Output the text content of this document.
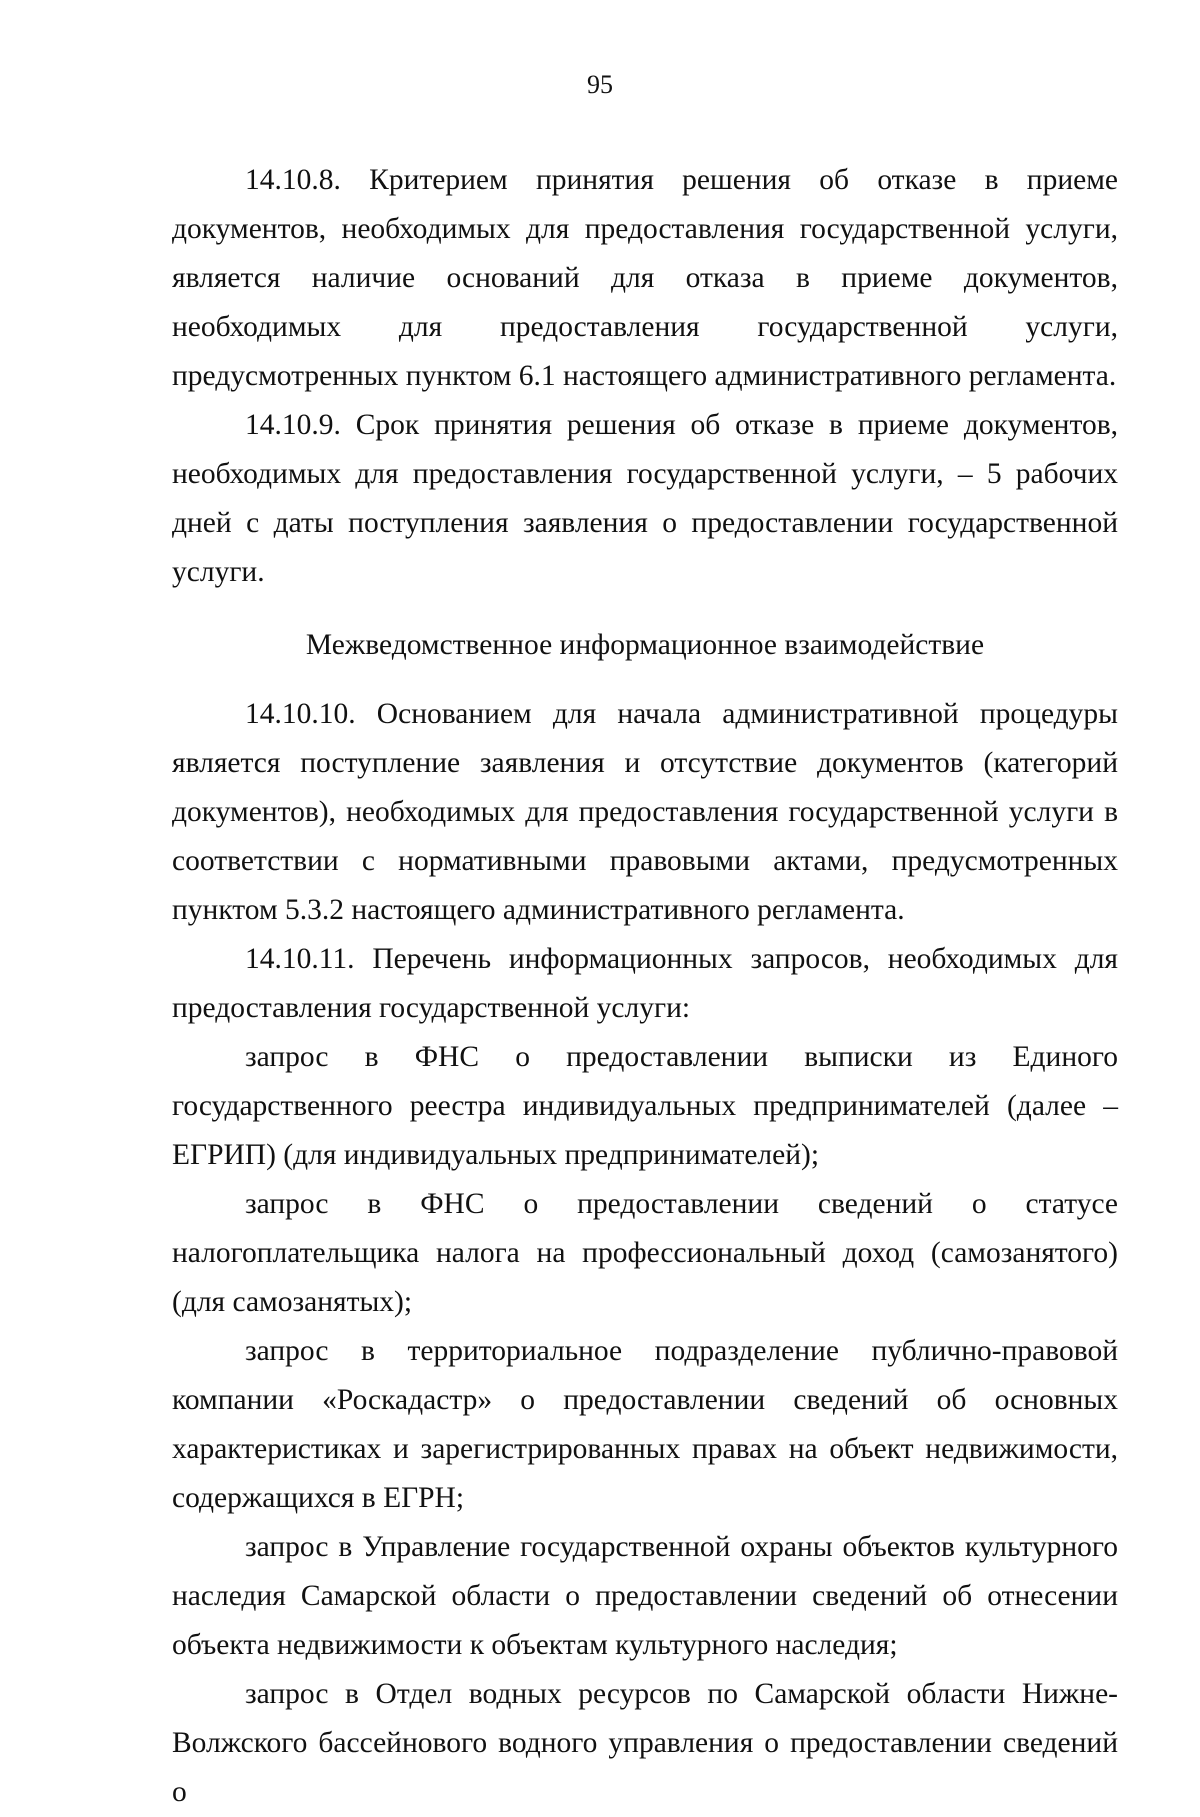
95

14.10.8. Критерием принятия решения об отказе в приеме документов, необходимых для предоставления государственной услуги, является наличие оснований для отказа в приеме документов, необходимых для предоставления государственной услуги, предусмотренных пунктом 6.1 настоящего административного регламента.

14.10.9. Срок принятия решения об отказе в приеме документов, необходимых для предоставления государственной услуги, – 5 рабочих дней с даты поступления заявления о предоставлении государственной услуги.

Межведомственное информационное взаимодействие

14.10.10. Основанием для начала административной процедуры является поступление заявления и отсутствие документов (категорий документов), необходимых для предоставления государственной услуги в соответствии с нормативными правовыми актами, предусмотренных пунктом 5.3.2 настоящего административного регламента.

14.10.11. Перечень информационных запросов, необходимых для предоставления государственной услуги:

запрос в ФНС о предоставлении выписки из Единого государственного реестра индивидуальных предпринимателей (далее – ЕГРИП) (для индивидуальных предпринимателей);

запрос в ФНС о предоставлении сведений о статусе налогоплательщика налога на профессиональный доход (самозанятого) (для самозанятых);

запрос в территориальное подразделение публично-правовой компании «Роскадастр» о предоставлении сведений об основных характеристиках и зарегистрированных правах на объект недвижимости, содержащихся в ЕГРН;

запрос в Управление государственной охраны объектов культурного наследия Самарской области о предоставлении сведений об отнесении объекта недвижимости к объектам культурного наследия;

запрос в Отдел водных ресурсов по Самарской области Нижне-Волжского бассейнового водного управления о предоставлении сведений о
